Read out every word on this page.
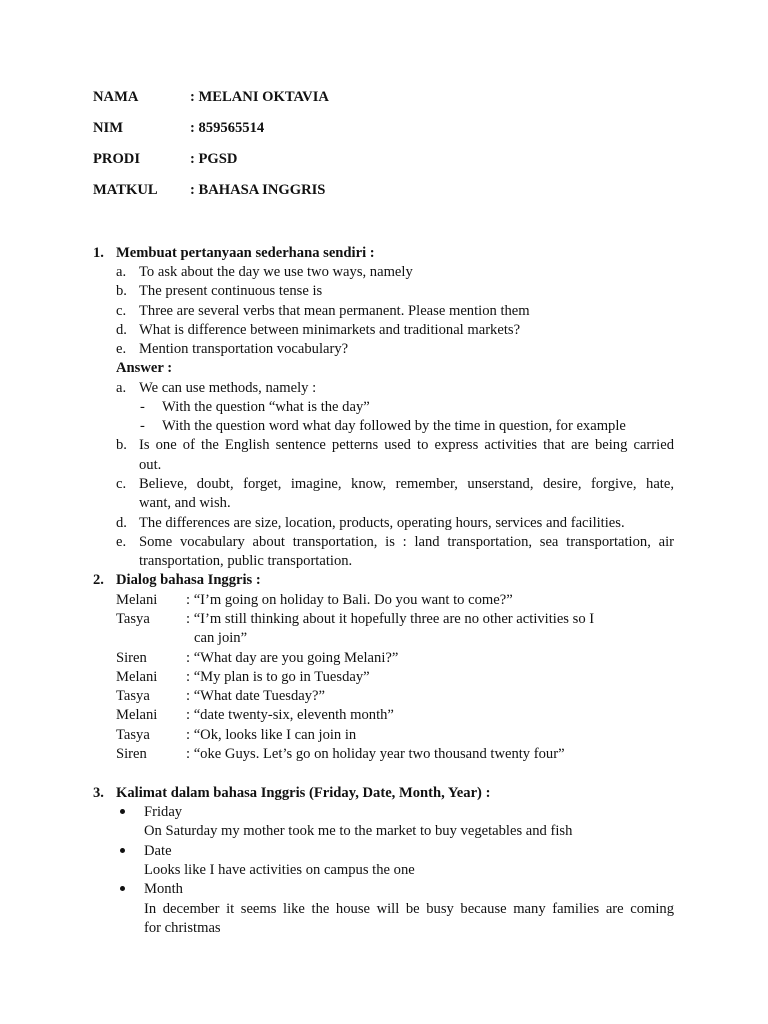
NAMA	: MELANI OKTAVIA
NIM	: 859565514
PRODI	: PGSD
MATKUL : BAHASA INGGRIS
1. Membuat pertanyaan sederhana sendiri :
a. To ask about the day we use two ways, namely
b. The present continuous tense is
c. Three are several verbs that mean permanent. Please mention them
d. What is difference between minimarkets and traditional markets?
e. Mention transportation vocabulary?
Answer :
a. We can use methods, namely :
- With the question “what is the day”
- With the question word what day followed by the time in question, for example
b. Is one of the English sentence petterns used to express activities that are being carried
out.
c. Believe, doubt, forget, imagine, know, remember, unserstand, desire, forgive, hate,
want, and wish.
d. The differences are size, location, products, operating hours, services and facilities.
e. Some vocabulary about transportation, is : land transportation, sea transportation, air
transportation, public transportation.
2. Dialog bahasa Inggris :
Melani : “I’m going on holiday to Bali. Do you want to come?”
Tasya : “I’m still thinking about it hopefully three are no other activities so I
can join”
Siren	: “What day are you going Melani?”
Melani : “My plan is to go in Tuesday”
Tasya : “What date Tuesday?”
Melani : “date twenty-six, eleventh month”
Tasya : “Ok, looks like I can join in
Siren	: “oke Guys. Let’s go on holiday year two thousand twenty four”
3. Kalimat dalam bahasa Inggris (Friday, Date, Month, Year) :
Friday
On Saturday my mother took me to the market to buy vegetables and fish
Date
Looks like I have activities on campus the one
Month
In december it seems like the house will be busy because many families are coming
for christmas
